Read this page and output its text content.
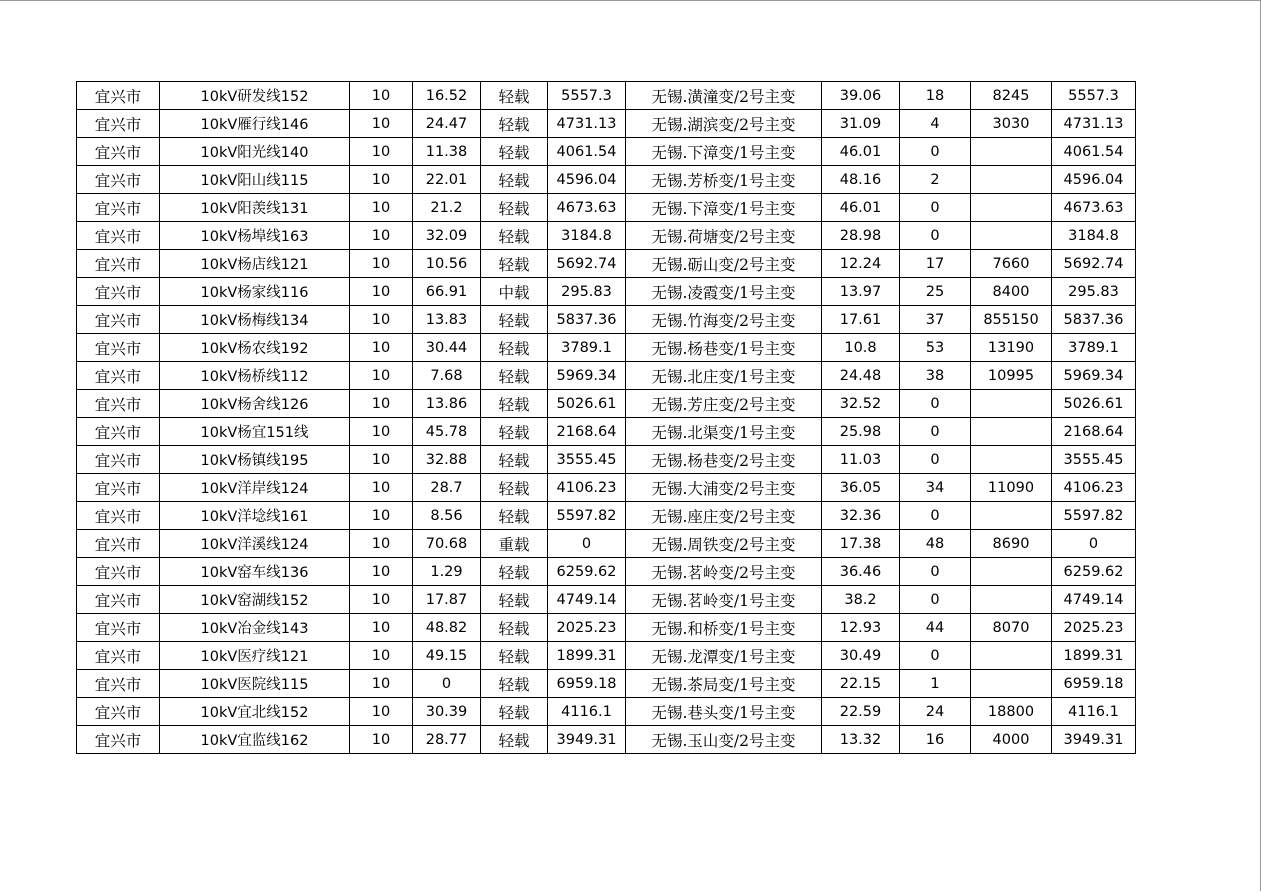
宜兴市	10kV研发线152	10	16.52	轻载	5557.3	无锡.潢潼变/2号主变	39.06	18	8245	5557.3
宜兴市	10kV雁行线146	10	24.47	轻载	4731.13	无锡.湖滨变/2号主变	31.09	4	3030	4731.13
宜兴市	10kV阳光线140	10	11.38	轻载	4061.54	无锡.下漳变/1号主变	46.01	0		4061.54
宜兴市	10kV阳山线115	10	22.01	轻载	4596.04	无锡.芳桥变/1号主变	48.16	2		4596.04
宜兴市	10kV阳羡线131	10	21.2	轻载	4673.63	无锡.下漳变/1号主变	46.01	0		4673.63
宜兴市	10kV杨埠线163	10	32.09	轻载	3184.8	无锡.荷塘变/2号主变	28.98	0		3184.8
宜兴市	10kV杨店线121	10	10.56	轻载	5692.74	无锡.砺山变/2号主变	12.24	17	7660	5692.74
宜兴市	10kV杨家线116	10	66.91	中载	295.83	无锡.凌霞变/1号主变	13.97	25	8400	295.83
宜兴市	10kV杨梅线134	10	13.83	轻载	5837.36	无锡.竹海变/2号主变	17.61	37	855150	5837.36
宜兴市	10kV杨农线192	10	30.44	轻载	3789.1	无锡.杨巷变/1号主变	10.8	53	13190	3789.1
宜兴市	10kV杨桥线112	10	7.68	轻载	5969.34	无锡.北庄变/1号主变	24.48	38	10995	5969.34
宜兴市	10kV杨舍线126	10	13.86	轻载	5026.61	无锡.芳庄变/2号主变	32.52	0		5026.61
宜兴市	10kV杨宜151线	10	45.78	轻载	2168.64	无锡.北渠变/1号主变	25.98	0		2168.64
宜兴市	10kV杨镇线195	10	32.88	轻载	3555.45	无锡.杨巷变/2号主变	11.03	0		3555.45
宜兴市	10kV洋岸线124	10	28.7	轻载	4106.23	无锡.大浦变/2号主变	36.05	34	11090	4106.23
宜兴市	10kV洋埝线161	10	8.56	轻载	5597.82	无锡.座庄变/2号主变	32.36	0		5597.82
宜兴市	10kV洋溪线124	10	70.68	重载	0	无锡.周铁变/2号主变	17.38	48	8690	0
宜兴市	10kV窑车线136	10	1.29	轻载	6259.62	无锡.茗岭变/2号主变	36.46	0		6259.62
宜兴市	10kV窑湖线152	10	17.87	轻载	4749.14	无锡.茗岭变/1号主变	38.2	0		4749.14
宜兴市	10kV冶金线143	10	48.82	轻载	2025.23	无锡.和桥变/1号主变	12.93	44	8070	2025.23
宜兴市	10kV医疗线121	10	49.15	轻载	1899.31	无锡.龙潭变/1号主变	30.49	0		1899.31
宜兴市	10kV医院线115	10	0	轻载	6959.18	无锡.茶局变/1号主变	22.15	1		6959.18
宜兴市	10kV宜北线152	10	30.39	轻载	4116.1	无锡.巷头变/1号主变	22.59	24	18800	4116.1
宜兴市	10kV宜监线162	10	28.77	轻载	3949.31	无锡.玉山变/2号主变	13.32	16	4000	3949.31
